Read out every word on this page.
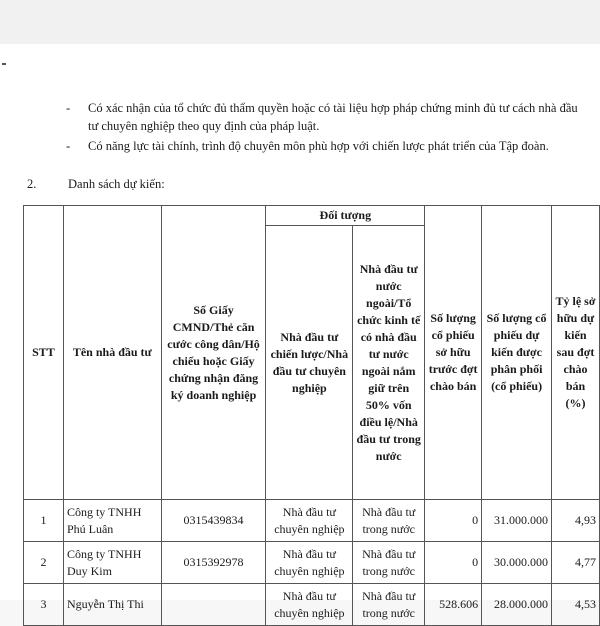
- Có xác nhận của tổ chức đủ thẩm quyền hoặc có tài liệu hợp pháp chứng minh đủ tư cách nhà đầu tư chuyên nghiệp theo quy định của pháp luật.
- Có năng lực tài chính, trình độ chuyên môn phù hợp với chiến lược phát triển của Tập đoàn.
2.	Danh sách dự kiến:
STT	Tên nhà đầu tư	Số Giấy CMND/Thẻ căn cước công dân/Hộ chiếu hoặc Giấy chứng nhận đăng ký doanh nghiệp	Đối tượng		Số lượng cổ phiếu sở hữu trước đợt chào bán	Số lượng cổ phiếu dự kiến được phân phối (cổ phiếu)	Tỷ lệ sở hữu dự kiến sau đợt chào bán (%)
			Nhà đầu tư chiến lược/Nhà đầu tư chuyên nghiệp	Nhà đầu tư nước ngoài/Tổ chức kinh tế có nhà đầu tư nước ngoài nắm giữ trên 50% vốn điều lệ/Nhà đầu tư trong nước			
1	Công ty TNHH Phú Luân	0315439834	Nhà đầu tư chuyên nghiệp	Nhà đầu tư trong nước	0	31.000.000	4,93
2	Công ty TNHH Duy Kim	0315392978	Nhà đầu tư chuyên nghiệp	Nhà đầu tư trong nước	0	30.000.000	4,77
3	Nguyễn Thị Thi		Nhà đầu tư chuyên nghiệp	Nhà đầu tư trong nước	528.606	28.000.000	4,53
